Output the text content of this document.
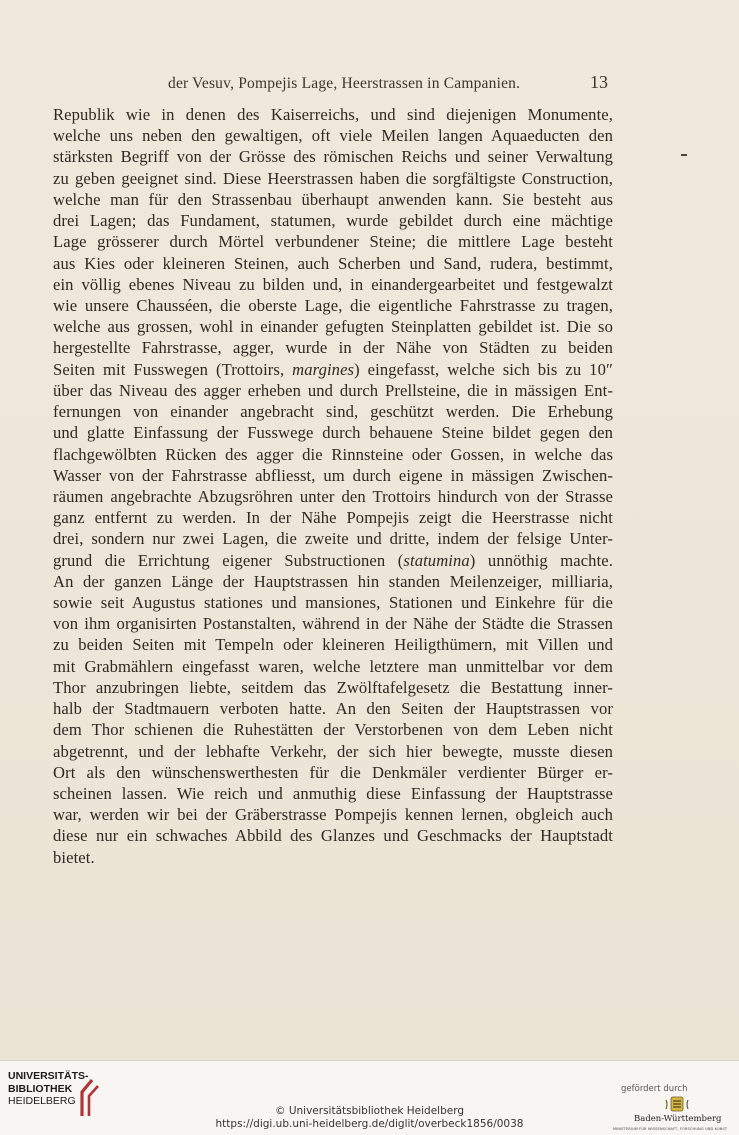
der Vesuv, Pompejis Lage, Heerstrassen in Campanien.	13
Republik wie in denen des Kaiserreichs, und sind diejenigen Monumente,
welche uns neben den gewaltigen, oft viele Meilen langen Aquaeducten den
stärksten Begriff von der Grösse des römischen Reichs und seiner Verwaltung
zu geben geeignet sind. Diese Heerstrassen haben die sorgfältigste Construction,
welche man für den Strassenbau überhaupt anwenden kann. Sie besteht aus
drei Lagen; das Fundament, statumen, wurde gebildet durch eine mächtige
Lage grösserer durch Mörtel verbundener Steine; die mittlere Lage besteht
aus Kies oder kleineren Steinen, auch Scherben und Sand, rudera, bestimmt,
ein völlig ebenes Niveau zu bilden und, in einandergearbeitet und festgewalzt
wie unsere Chausséen, die oberste Lage, die eigentliche Fahrstrasse zu tragen,
welche aus grossen, wohl in einander gefugten Steinplatten gebildet ist. Die so
hergestellte Fahrstrasse, agger, wurde in der Nähe von Städten zu beiden
Seiten mit Fusswegen (Trottoirs, margines) eingefasst, welche sich bis zu 10″
über das Niveau des agger erheben und durch Prellsteine, die in mässigen Ent-
fernungen von einander angebracht sind, geschützt werden. Die Erhebung
und glatte Einfassung der Fusswege durch behauene Steine bildet gegen den
flachgewölbten Rücken des agger die Rinnsteine oder Gossen, in welche das
Wasser von der Fahrstrasse abfliesst, um durch eigene in mässigen Zwischen-
räumen angebrachte Abzugsröhren unter den Trottoirs hindurch von der Strasse
ganz entfernt zu werden. In der Nähe Pompejis zeigt die Heerstrasse nicht
drei, sondern nur zwei Lagen, die zweite und dritte, indem der felsige Unter-
grund die Errichtung eigener Substructionen (statumina) unnöthig machte.
An der ganzen Länge der Hauptstrassen hin standen Meilenzeiger, milliaria,
sowie seit Augustus stationes und mansiones, Stationen und Einkehre für die
von ihm organisirten Postanstalten, während in der Nähe der Städte die Strassen
zu beiden Seiten mit Tempeln oder kleineren Heiligthümern, mit Villen und
mit Grabmählern eingefasst waren, welche letztere man unmittelbar vor dem
Thor anzubringen liebte, seitdem das Zwölftafelgesetz die Bestattung inner-
halb der Stadtmauern verboten hatte. An den Seiten der Hauptstrassen vor
dem Thor schienen die Ruhestätten der Verstorbenen von dem Leben nicht
abgetrennt, und der lebhafte Verkehr, der sich hier bewegte, musste diesen
Ort als den wünschenswerthesten für die Denkmäler verdienter Bürger er-
scheinen lassen. Wie reich und anmuthig diese Einfassung der Hauptstrasse
war, werden wir bei der Gräberstrasse Pompejis kennen lernen, obgleich auch
diese nur ein schwaches Abbild des Glanzes und Geschmacks der Hauptstadt
bietet.
UNIVERSITÄTS-
BIBLIOTHEK
HEIDELBERG
© Universitätsbibliothek Heidelberg
https://digi.ub.uni-heidelberg.de/diglit/overbeck1856/0038
gefördert durch
Baden-Württemberg
MINISTERIUM FÜR WISSENSCHAFT, FORSCHUNG UND KUNST
